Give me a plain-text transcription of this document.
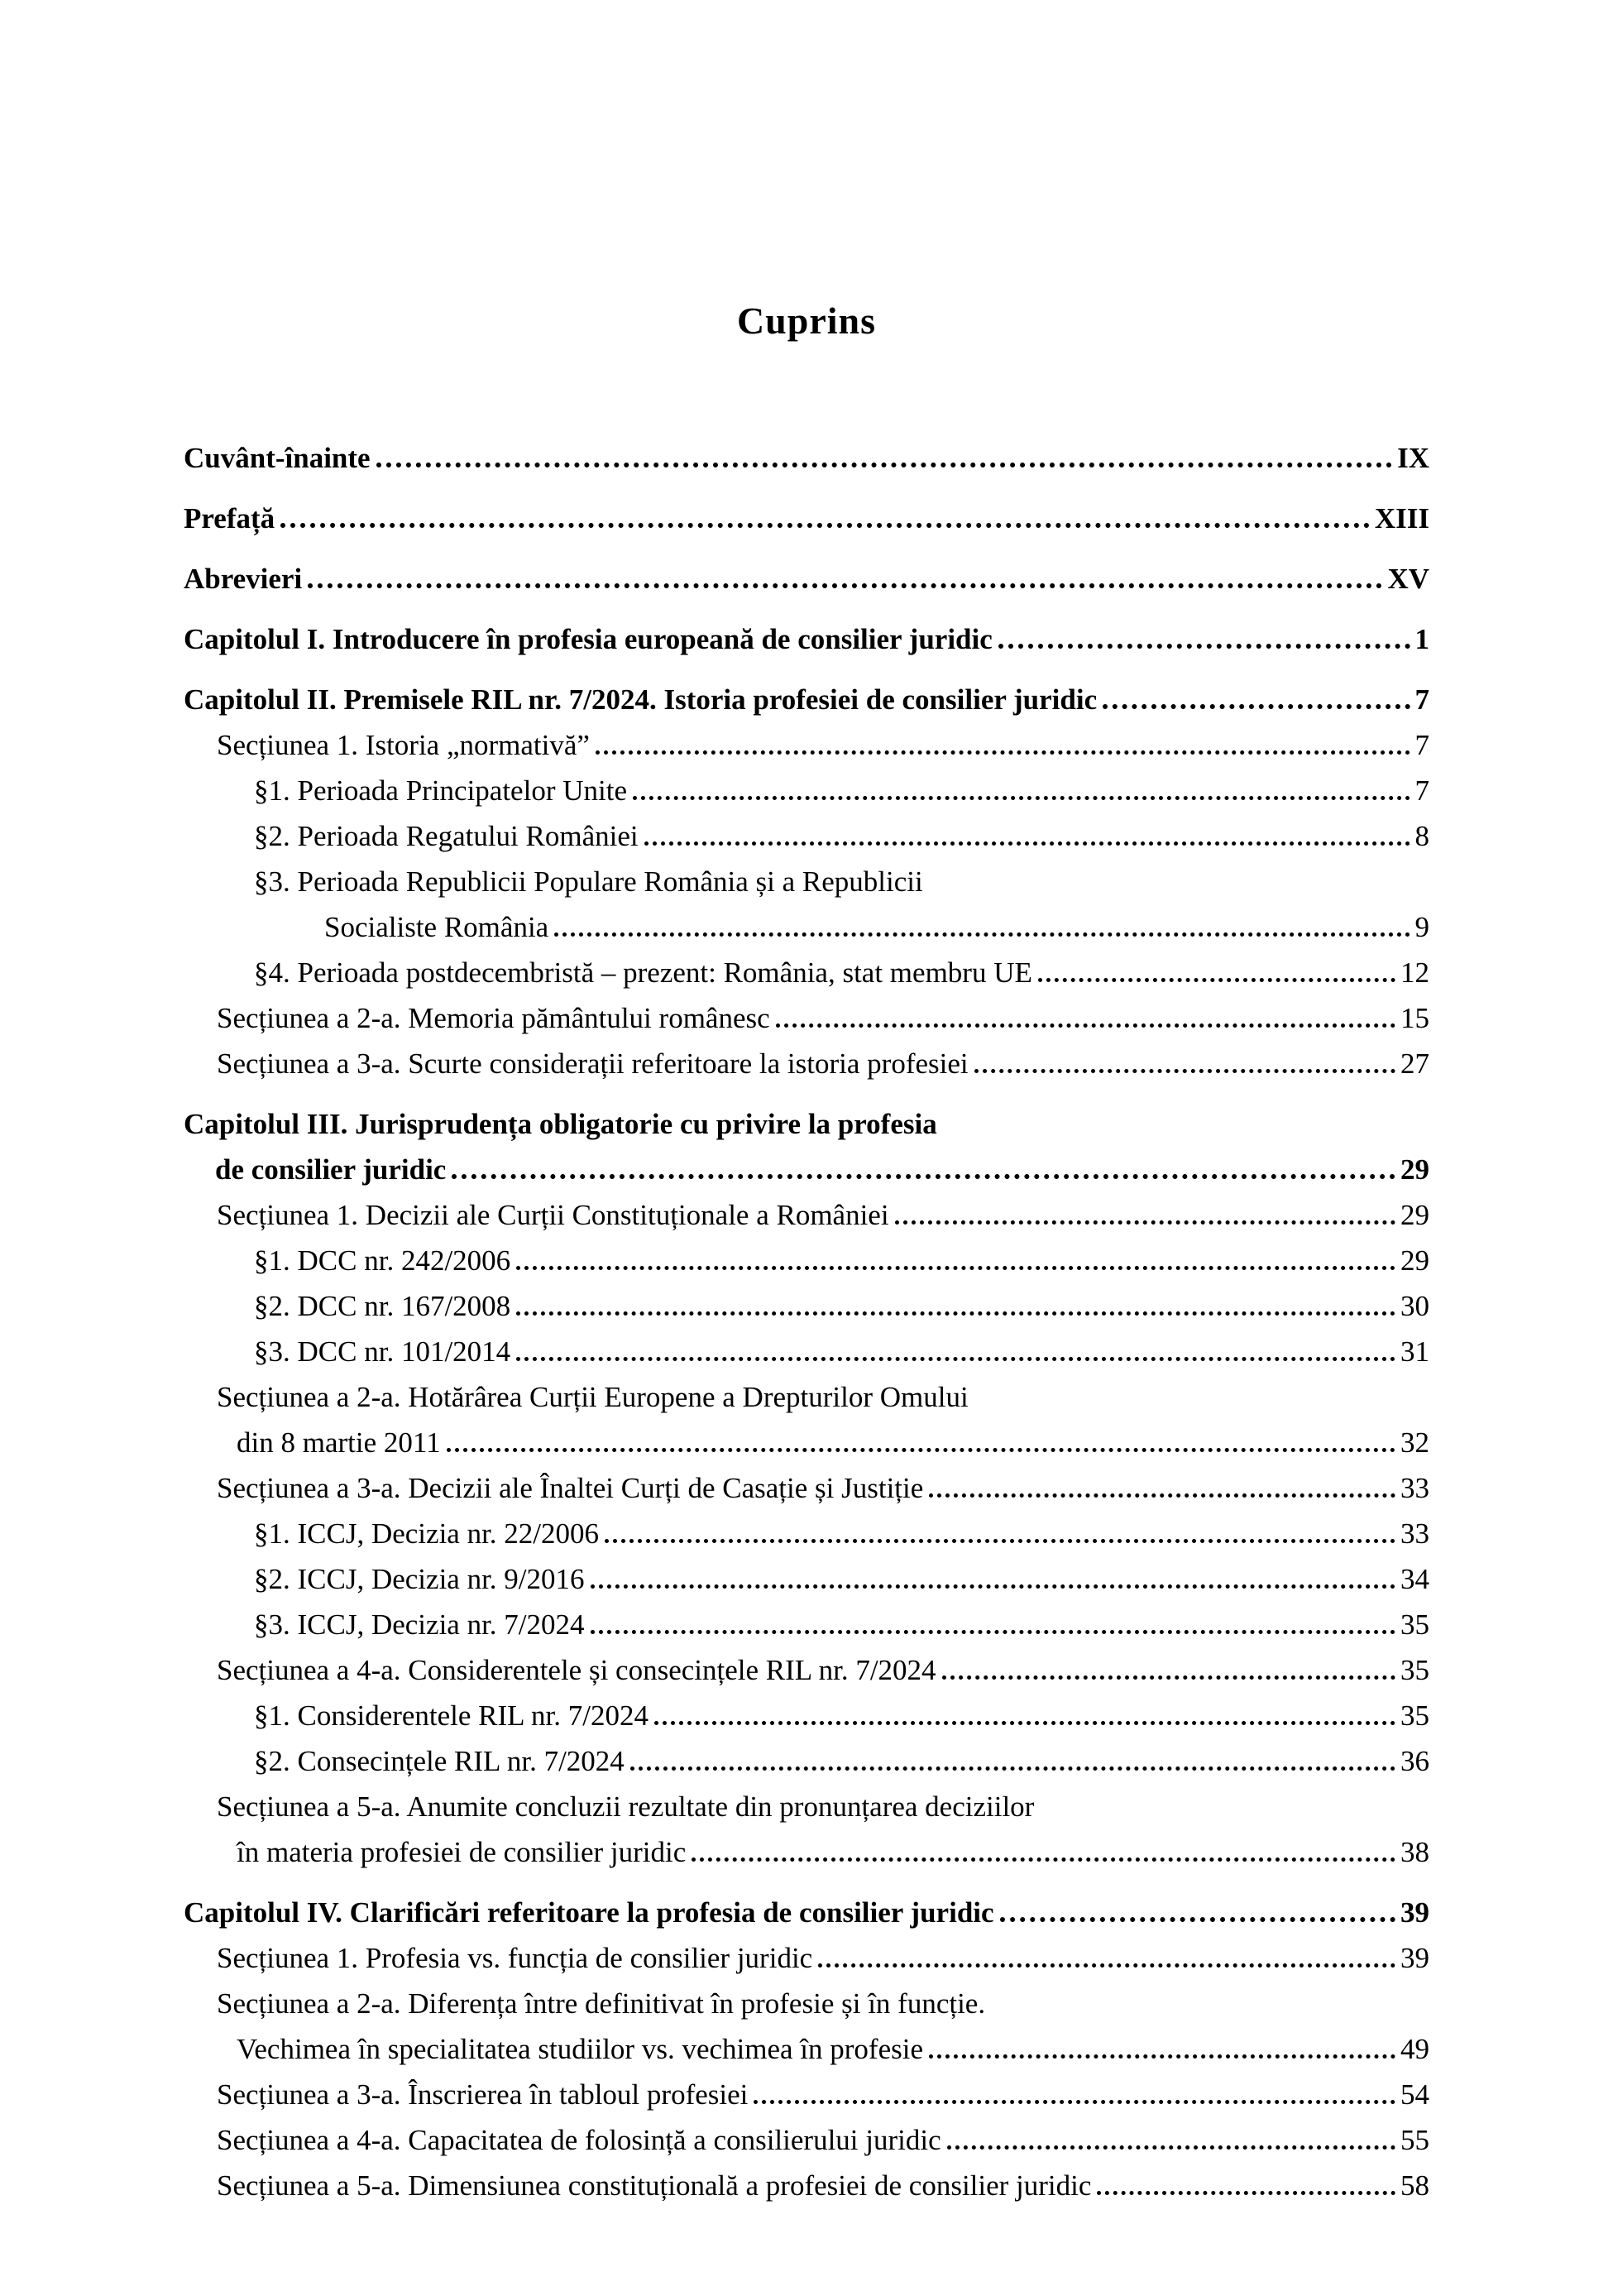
Cuprins
Cuvânt-înainte	IX
Prefață	XIII
Abrevieri	XV
Capitolul I. Introducere în profesia europeană de consilier juridic	1
Capitolul II. Premisele RIL nr. 7/2024. Istoria profesiei de consilier juridic	7
Secțiunea 1. Istoria „normativă”	7
§1. Perioada Principatelor Unite	7
§2. Perioada Regatului României	8
§3. Perioada Republicii Populare România și a Republicii
Socialiste România	9
§4. Perioada postdecembristă – prezent: România, stat membru UE	12
Secțiunea a 2-a. Memoria pământului românesc	15
Secțiunea a 3-a. Scurte considerații referitoare la istoria profesiei	27
Capitolul III. Jurisprudența obligatorie cu privire la profesia
de consilier juridic	29
Secțiunea 1. Decizii ale Curții Constituționale a României	29
§1. DCC nr. 242/2006	29
§2. DCC nr. 167/2008	30
§3. DCC nr. 101/2014	31
Secțiunea a 2-a. Hotărârea Curții Europene a Drepturilor Omului
din 8 martie 2011	32
Secțiunea a 3-a. Decizii ale Înaltei Curți de Casație și Justiție	33
§1. ICCJ, Decizia nr. 22/2006	33
§2. ICCJ, Decizia nr. 9/2016	34
§3. ICCJ, Decizia nr. 7/2024	35
Secțiunea a 4-a. Considerentele și consecințele RIL nr. 7/2024	35
§1. Considerentele RIL nr. 7/2024	35
§2. Consecințele RIL nr. 7/2024	36
Secțiunea a 5-a. Anumite concluzii rezultate din pronunțarea deciziilor
în materia profesiei de consilier juridic	38
Capitolul IV. Clarificări referitoare la profesia de consilier juridic	39
Secțiunea 1. Profesia vs. funcția de consilier juridic	39
Secțiunea a 2-a. Diferența între definitivat în profesie și în funcție.
Vechimea în specialitatea studiilor vs. vechimea în profesie	49
Secțiunea a 3-a. Înscrierea în tabloul profesiei	54
Secțiunea a 4-a. Capacitatea de folosință a consilierului juridic	55
Secțiunea a 5-a. Dimensiunea constituțională a profesiei de consilier juridic	58
